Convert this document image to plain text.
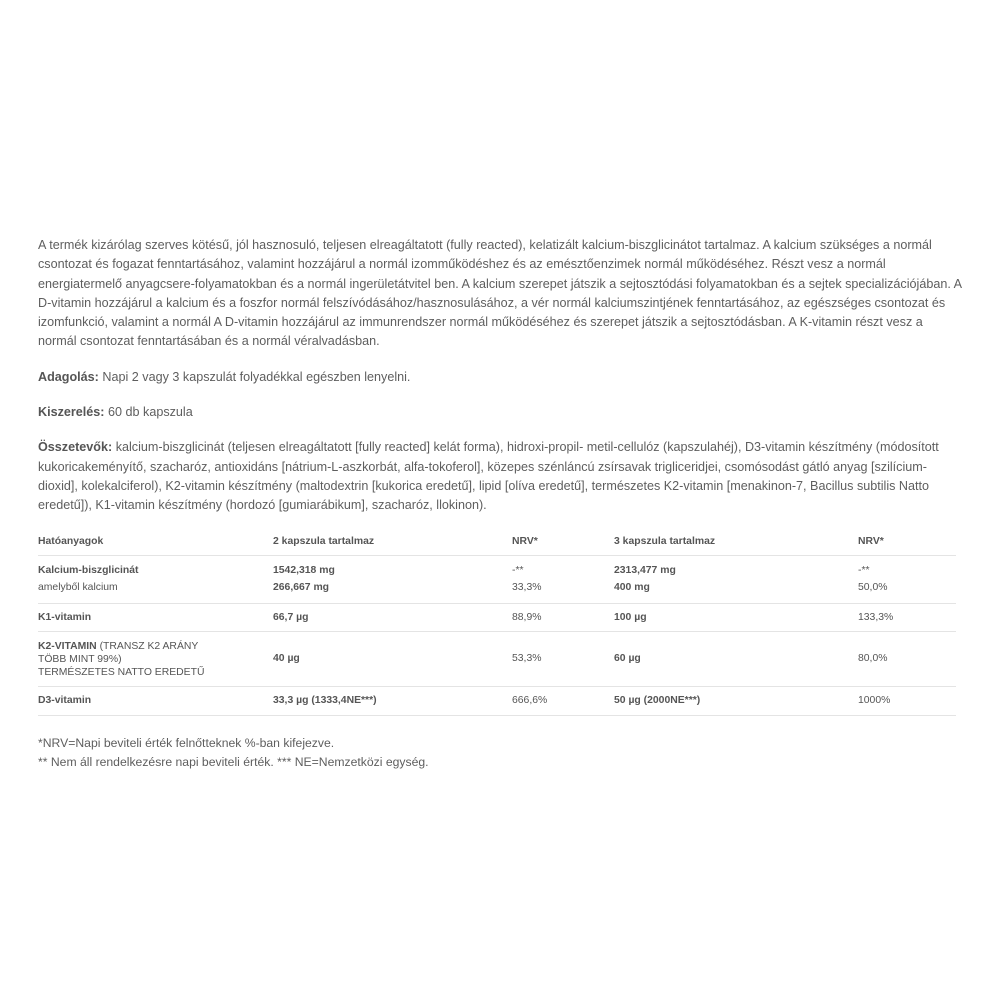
A termék kizárólag szerves kötésű, jól hasznosuló, teljesen elreagáltatott (fully reacted), kelatizált kalcium-biszglicinátot tartalmaz. A kalcium szükséges a normál csontozat és fogazat fenntartásához, valamint hozzájárul a normál izomműködéshez és az emésztőenzimek normál működéséhez. Részt vesz a normál energiatermelő anyagcsere-folyamatokban és a normál ingerületátvitel ben. A kalcium szerepet játszik a sejtosztódási folyamatokban és a sejtek specializációjában. A D-vitamin hozzájárul a kalcium és a foszfor normál felszívódásához/hasznosulásához, a vér normál kalciumszintjének fenntartásához, az egészséges csontozat és izomfunkció, valamint a normál A D-vitamin hozzájárul az immunrendszer normál működéséhez és szerepet játszik a sejtosztódásban. A K-vitamin részt vesz a normál csontozat fenntartásában és a normál véralvadásban.

Adagolás: Napi 2 vagy 3 kapszulát folyadékkal egészben lenyelni.

Kiszerelés: 60 db kapszula

Összetevők: kalcium-biszglicinát (teljesen elreagáltatott [fully reacted] kelát forma), hidroxi-propil- metil-cellulóz (kapszulahéj), D3-vitamin készítmény (módosított kukoricakeményítő, szacharóz, antioxidáns [nátrium-L-aszkorbát, alfa-tokoferol], közepes szénláncú zsírsavak trigliceridjei, csomósodást gátló anyag [szilícium-dioxid], kolekalciferol), K2-vitamin készítmény (maltodextrin [kukorica eredetű], lipid [olíva eredetű], természetes K2-vitamin [menakinon-7, Bacillus subtilis Natto eredetű]), K1-vitamin készítmény (hordozó [gumiarábikum], szacharóz, llokinon).

Hatóanyagok	2 kapszula tartalmaz	NRV*	3 kapszula tartalmaz	NRV*
Kalcium-biszglicinát	1542,318 mg	-**	2313,477 mg	-**
amelyből kalcium	266,667 mg	33,3%	400 mg	50,0%
K1-vitamin	66,7 µg	88,9%	100 µg	133,3%

K2-VITAMIN (TRANSZ K2 ARÁNY
TÖBB MINT 99%)
TERMÉSZETES NATTO EREDETŰ	40 µg	53,3%	60 µg	80,0%
D3-vitamin	33,3 µg (1333,4NE***)	666,6%	50 µg (2000NE***)	1000%
*NRV=Napi beviteli érték felnőtteknek %-ban kifejezve.
** Nem áll rendelkezésre napi beviteli érték. *** NE=Nemzetközi egység.
